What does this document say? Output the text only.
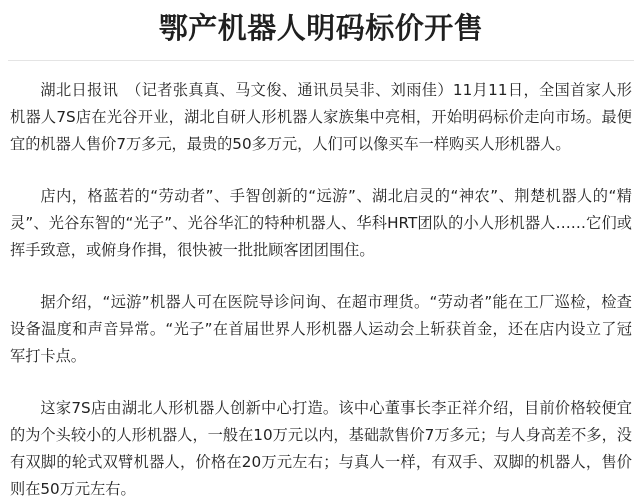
鄂产机器人明码标价开售

湖北日报讯　（记者张真真、马文俊、通讯员吴非、刘雨佳）11月11日，全国首家人形机器人7S店在光谷开业，湖北自研人形机器人家族集中亮相，开始明码标价走向市场。最便宜的机器人售价7万多元，最贵的50多万元，人们可以像买车一样购买人形机器人。

店内，格蓝若的“劳动者”、手智创新的“远游”、湖北启灵的“神农”、荆楚机器人的“精灵”、光谷东智的“光子”、光谷华汇的特种机器人、华科HRT团队的小人形机器人……它们或挥手致意，或俯身作揖，很快被一批批顾客团团围住。

据介绍，“远游”机器人可在医院导诊问询、在超市理货。“劳动者”能在工厂巡检，检查设备温度和声音异常。“光子”在首届世界人形机器人运动会上斩获首金，还在店内设立了冠军打卡点。

这家7S店由湖北人形机器人创新中心打造。该中心董事长李正祥介绍，目前价格较便宜的为个头较小的人形机器人，一般在10万元以内，基础款售价7万多元；与人身高差不多，没有双脚的轮式双臂机器人，价格在20万元左右；与真人一样，有双手、双脚的机器人，售价则在50万元左右。
